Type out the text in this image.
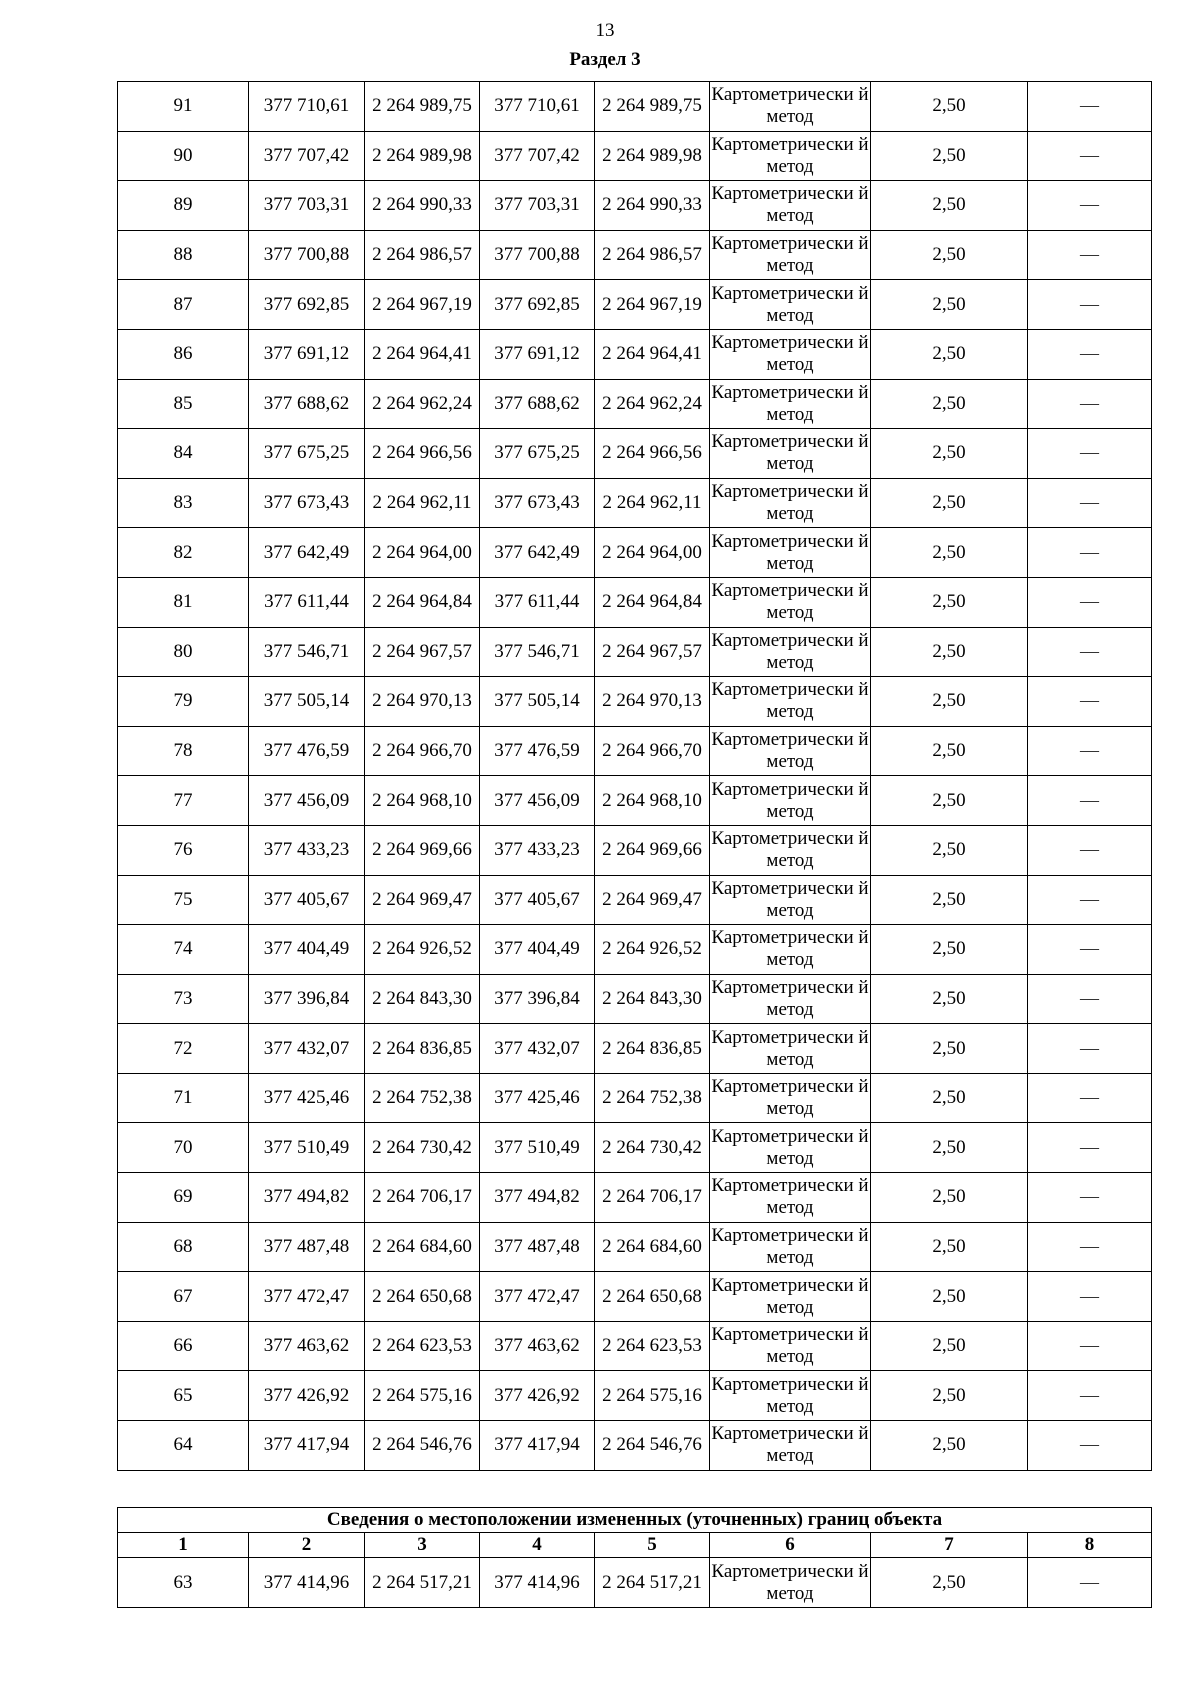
13
Раздел 3
91	377 710,61	2 264 989,75	377 710,61	2 264 989,75	Картометрически й метод	2,50	—
90	377 707,42	2 264 989,98	377 707,42	2 264 989,98	Картометрически й метод	2,50	—
89	377 703,31	2 264 990,33	377 703,31	2 264 990,33	Картометрически й метод	2,50	—
88	377 700,88	2 264 986,57	377 700,88	2 264 986,57	Картометрически й метод	2,50	—
87	377 692,85	2 264 967,19	377 692,85	2 264 967,19	Картометрически й метод	2,50	—
86	377 691,12	2 264 964,41	377 691,12	2 264 964,41	Картометрически й метод	2,50	—
85	377 688,62	2 264 962,24	377 688,62	2 264 962,24	Картометрически й метод	2,50	—
84	377 675,25	2 264 966,56	377 675,25	2 264 966,56	Картометрически й метод	2,50	—
83	377 673,43	2 264 962,11	377 673,43	2 264 962,11	Картометрически й метод	2,50	—
82	377 642,49	2 264 964,00	377 642,49	2 264 964,00	Картометрически й метод	2,50	—
81	377 611,44	2 264 964,84	377 611,44	2 264 964,84	Картометрически й метод	2,50	—
80	377 546,71	2 264 967,57	377 546,71	2 264 967,57	Картометрически й метод	2,50	—
79	377 505,14	2 264 970,13	377 505,14	2 264 970,13	Картометрически й метод	2,50	—
78	377 476,59	2 264 966,70	377 476,59	2 264 966,70	Картометрически й метод	2,50	—
77	377 456,09	2 264 968,10	377 456,09	2 264 968,10	Картометрически й метод	2,50	—
76	377 433,23	2 264 969,66	377 433,23	2 264 969,66	Картометрически й метод	2,50	—
75	377 405,67	2 264 969,47	377 405,67	2 264 969,47	Картометрически й метод	2,50	—
74	377 404,49	2 264 926,52	377 404,49	2 264 926,52	Картометрически й метод	2,50	—
73	377 396,84	2 264 843,30	377 396,84	2 264 843,30	Картометрически й метод	2,50	—
72	377 432,07	2 264 836,85	377 432,07	2 264 836,85	Картометрически й метод	2,50	—
71	377 425,46	2 264 752,38	377 425,46	2 264 752,38	Картометрически й метод	2,50	—
70	377 510,49	2 264 730,42	377 510,49	2 264 730,42	Картометрически й метод	2,50	—
69	377 494,82	2 264 706,17	377 494,82	2 264 706,17	Картометрически й метод	2,50	—
68	377 487,48	2 264 684,60	377 487,48	2 264 684,60	Картометрически й метод	2,50	—
67	377 472,47	2 264 650,68	377 472,47	2 264 650,68	Картометрически й метод	2,50	—
66	377 463,62	2 264 623,53	377 463,62	2 264 623,53	Картометрически й метод	2,50	—
65	377 426,92	2 264 575,16	377 426,92	2 264 575,16	Картометрически й метод	2,50	—
64	377 417,94	2 264 546,76	377 417,94	2 264 546,76	Картометрически й метод	2,50	—
Сведения о местоположении измененных (уточненных) границ объекта							
1	2	3	4	5	6	7	8
63	377 414,96	2 264 517,21	377 414,96	2 264 517,21	Картометрически й метод	2,50	—
